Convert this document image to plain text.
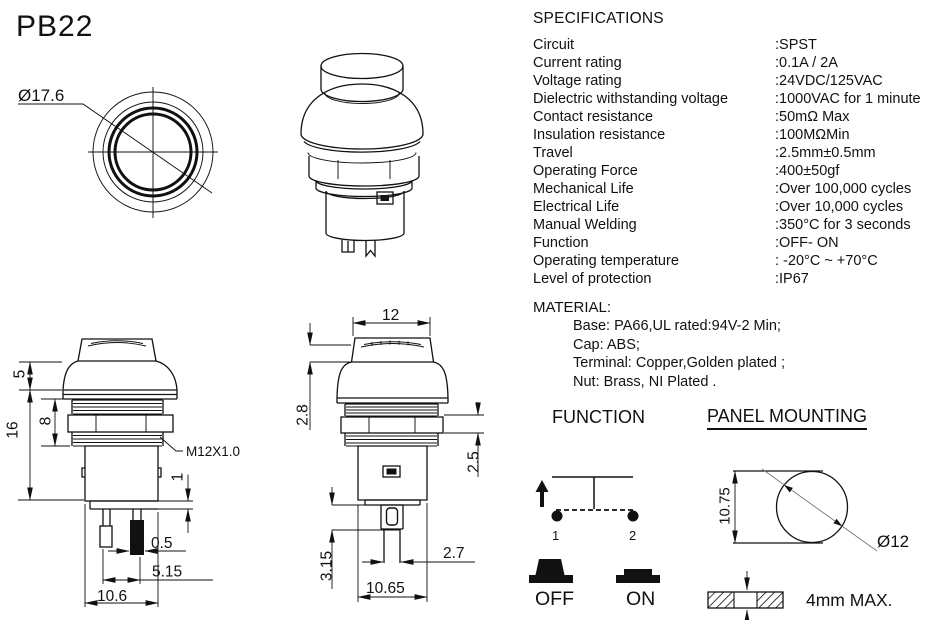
Ø17.6
5
16
8
1
M12X1.0
0.5
5.15
10.6
12
2.8
2.5
3.15	2.7
10.65
1	2
OFF	ON
10.75
Ø12
4mm MAX.
PB22	SPECIFICATIONS
Circuit	:SPST
Current rating	:0.1A / 2A
Voltage rating	:24VDC/125VAC
Dielectric withstanding voltage	:1000VAC for 1 minute
Contact resistance	:50mΩ Max
Insulation resistance	:100MΩMin
Travel	:2.5mm±0.5mm
Operating Force	:400±50gf
Mechanical Life	:Over 100,000 cycles
Electrical Life	:Over 10,000 cycles
Manual Welding	:350°C for 3 seconds
Function	:OFF- ON
Operating temperature	: -20°C ~ +70°C
Level of protection	:IP67
MATERIAL:
Base: PA66,UL rated:94V-2 Min;
Cap: ABS;
Terminal: Copper,Golden plated ;
Nut: Brass, NI Plated .
FUNCTION	PANEL MOUNTING
